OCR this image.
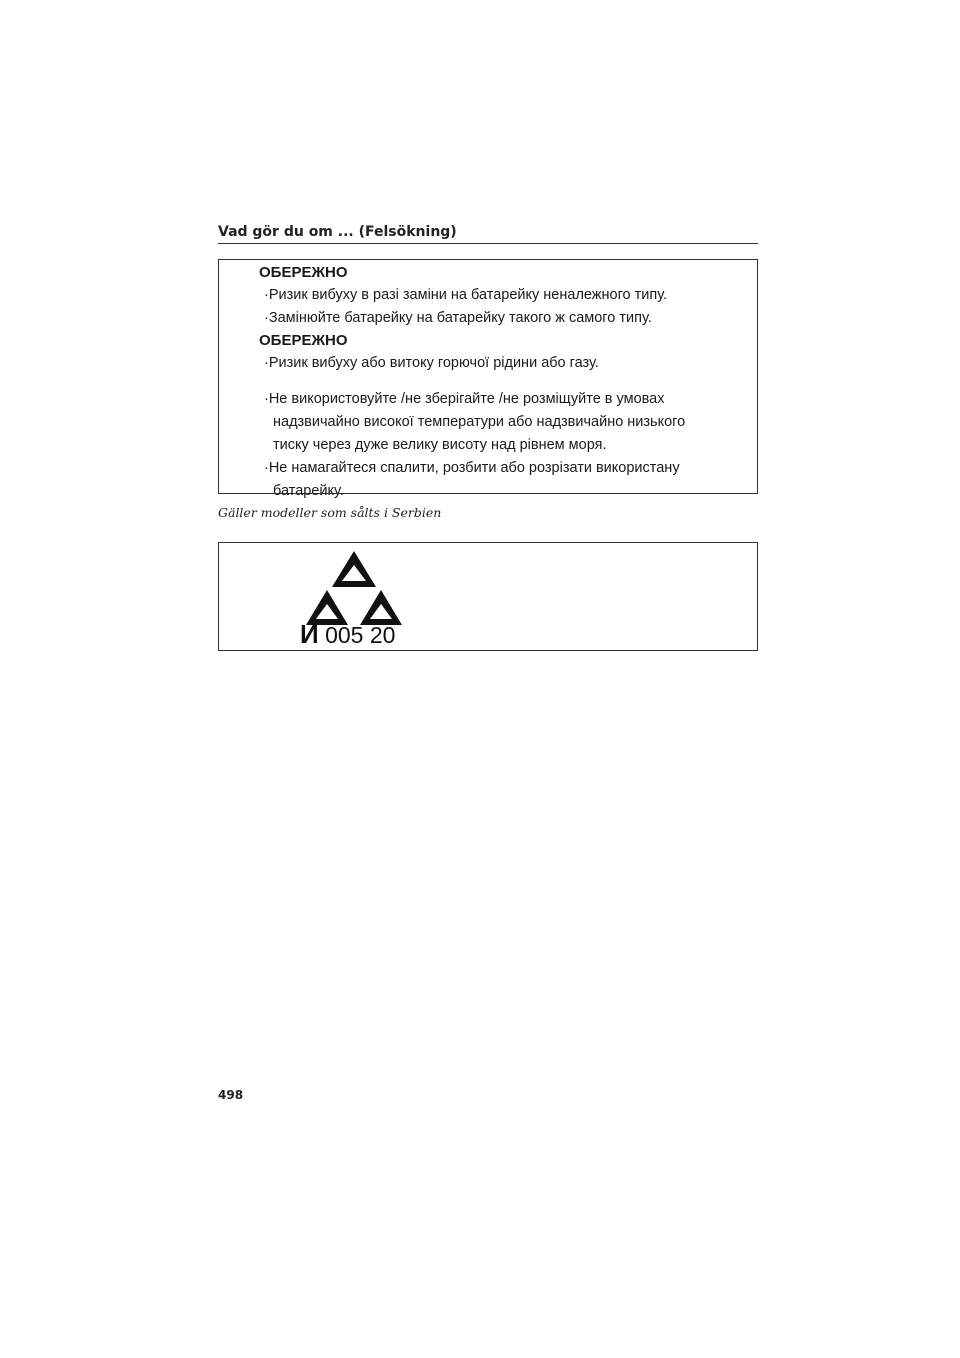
Vad gör du om ... (Felsökning)

ОБЕРЕЖНО

·Ризик вибуху в разі заміни на батарейку неналежного типу.

·Замінюйте батарейку на батарейку такого ж самого типу.

ОБЕРЕЖНО

·Ризик вибуху або витоку горючої рідини або газу.

·Не використовуйте /не зберігайте /не розміщуйте в умовах
надзвичайно високої температури або надзвичайно низького
тиску через дуже велику висоту над рівнем моря.

·Не намагайтеся спалити, розбити або розрізати використану
батарейку.

Gäller modeller som sålts i Serbien
И 005 20
498
